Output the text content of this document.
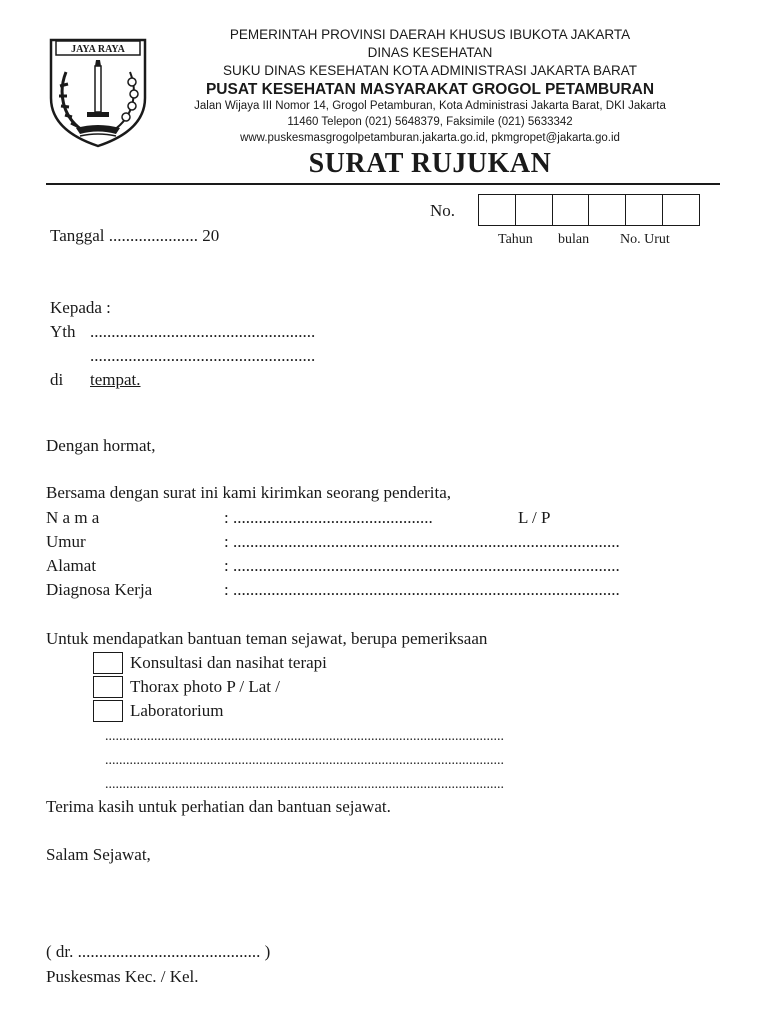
JAYA RAYA
PEMERINTAH PROVINSI DAERAH KHUSUS IBUKOTA JAKARTA
DINAS KESEHATAN
SUKU DINAS KESEHATAN KOTA ADMINISTRASI JAKARTA BARAT
PUSAT KESEHATAN MASYARAKAT GROGOL PETAMBURAN
Jalan Wijaya III Nomor 14, Grogol Petamburan, Kota Administrasi Jakarta Barat, DKI Jakarta
11460 Telepon (021) 5648379, Faksimile (021) 5633342
www.puskesmasgrogolpetamburan.jakarta.go.id, pkmgropet@jakarta.go.id
SURAT RUJUKAN
No.
Tahun bulan No. Urut
Tanggal ..................... 20
Kepada :
Yth .....................................................
.....................................................
di tempat.
Dengan hormat,
Bersama dengan surat ini kami kirimkan seorang penderita,
N a m a	: ...............................................	L / P
Umur	: ...........................................................................................
Alamat	: ...........................................................................................
Diagnosa Kerja	: ...........................................................................................
Untuk mendapatkan bantuan teman sejawat, berupa pemeriksaan
Konsultasi dan nasihat terapi
Thorax photo P / Lat /
Laboratorium
..................................................................................................................
..................................................................................................................
..................................................................................................................
Terima kasih untuk perhatian dan bantuan sejawat.
Salam Sejawat,
( dr. ........................................... )
Puskesmas Kec. / Kel.
